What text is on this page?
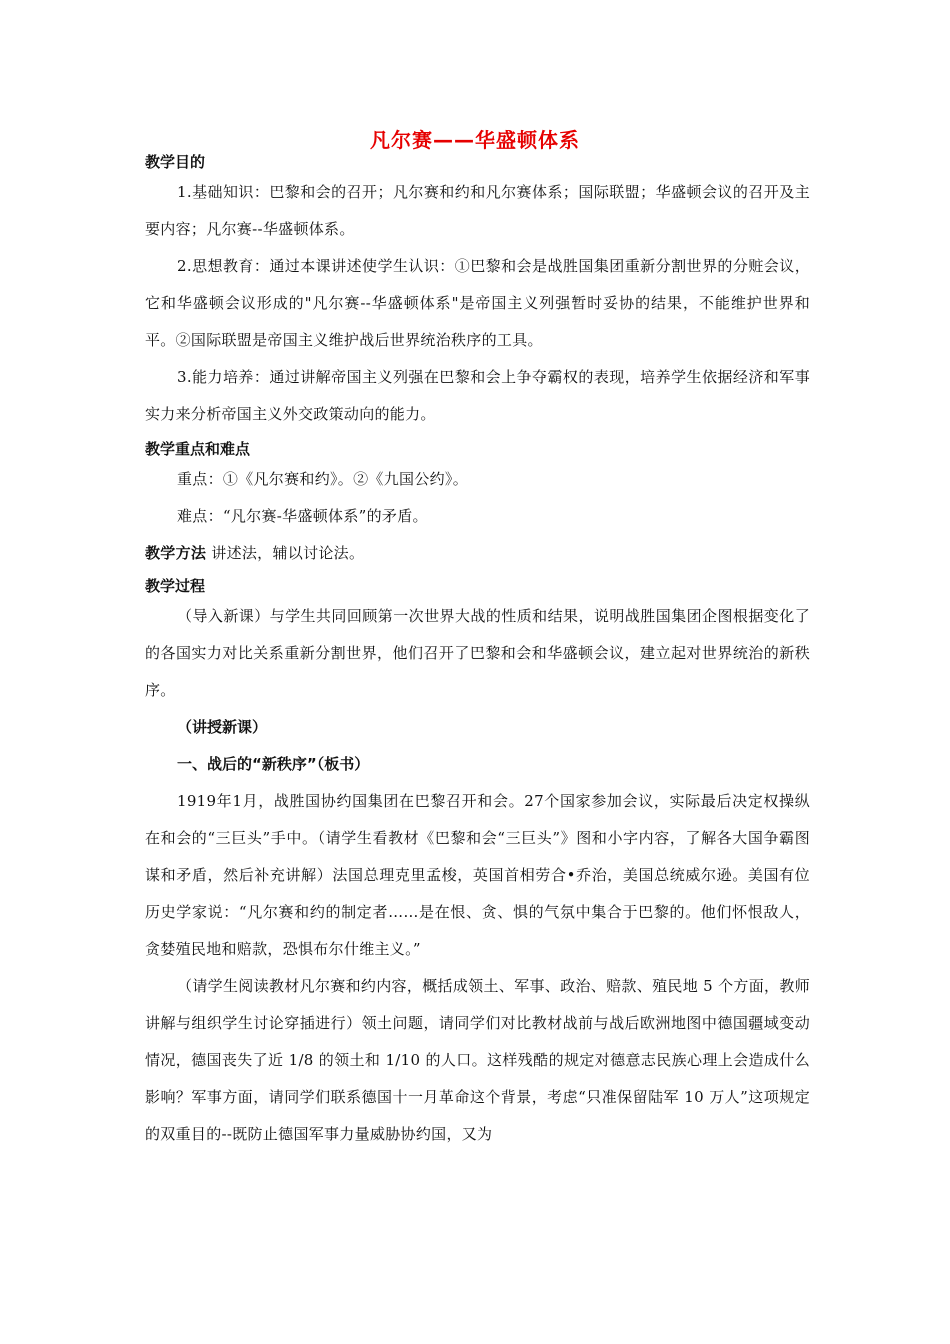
凡尔赛——华盛顿体系

教学目的

1.基础知识：巴黎和会的召开；凡尔赛和约和凡尔赛体系；国际联盟；华盛顿会议的召开及主要内容；凡尔赛--华盛顿体系。

2.思想教育：通过本课讲述使学生认识：①巴黎和会是战胜国集团重新分割世界的分赃会议，它和华盛顿会议形成的"凡尔赛--华盛顿体系"是帝国主义列强暂时妥协的结果，不能维护世界和平。②国际联盟是帝国主义维护战后世界统治秩序的工具。

3.能力培养：通过讲解帝国主义列强在巴黎和会上争夺霸权的表现，培养学生依据经济和军事实力来分析帝国主义外交政策动向的能力。

教学重点和难点

重点：①《凡尔赛和约》。②《九国公约》。

难点：“凡尔赛-华盛顿体系”的矛盾。

教学方法 讲述法，辅以讨论法。

教学过程

（导入新课）与学生共同回顾第一次世界大战的性质和结果，说明战胜国集团企图根据变化了的各国实力对比关系重新分割世界，他们召开了巴黎和会和华盛顿会议，建立起对世界统治的新秩序。

（讲授新课）

一、战后的“新秩序”（板书）

1919年1月，战胜国协约国集团在巴黎召开和会。27个国家参加会议，实际最后决定权操纵在和会的“三巨头”手中。（请学生看教材《巴黎和会“三巨头”》图和小字内容，了解各大国争霸图谋和矛盾，然后补充讲解）法国总理克里孟梭，英国首相劳合•乔治，美国总统威尔逊。美国有位历史学家说：“凡尔赛和约的制定者……是在恨、贪、惧的气氛中集合于巴黎的。他们怀恨敌人，贪婪殖民地和赔款，恐惧布尔什维主义。”

（请学生阅读教材凡尔赛和约内容，概括成领土、军事、政治、赔款、殖民地 5 个方面，教师讲解与组织学生讨论穿插进行）领土问题，请同学们对比教材战前与战后欧洲地图中德国疆域变动情况，德国丧失了近 1/8 的领土和 1/10 的人口。这样残酷的规定对德意志民族心理上会造成什么影响？军事方面，请同学们联系德国十一月革命这个背景，考虑“只准保留陆军 10 万人”这项规定的双重目的--既防止德国军事力量威胁协约国，又为
